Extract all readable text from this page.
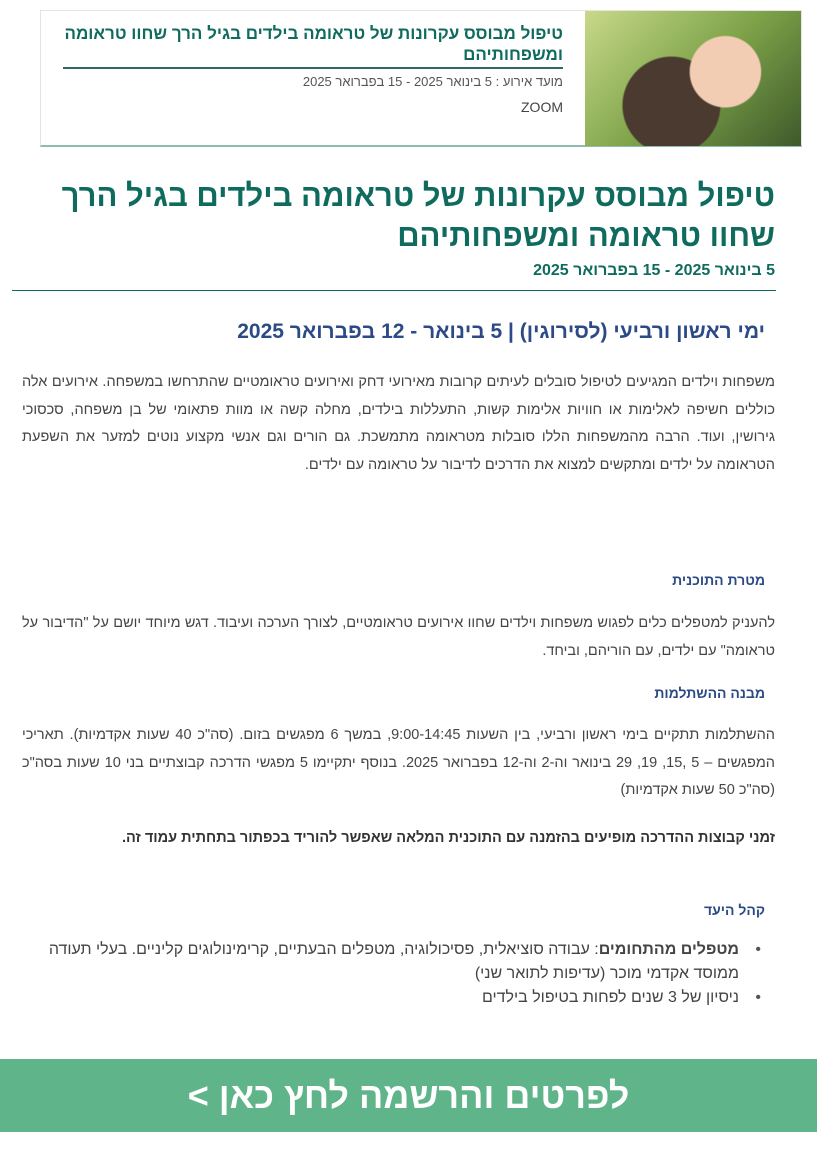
טיפול מבוסס עקרונות של טראומה בילדים בגיל הרך שחוו טראומה ומשפחותיהם
מועד אירוע : 5 בינואר 2025 - 15 בפברואר 2025
ZOOM
טיפול מבוסס עקרונות של טראומה בילדים בגיל הרך שחוו טראומה ומשפחותיהם
5 בינואר 2025 - 15 בפברואר 2025
ימי ראשון ורביעי (לסירוגין) | 5 בינואר - 12 בפברואר 2025
משפחות וילדים המגיעים לטיפול סובלים לעיתים קרובות מאירועי דחק ואירועים טראומטיים שהתרחשו במשפחה. אירועים אלה כוללים חשיפה לאלימות או חוויות אלימות קשות, התעללות בילדים, מחלה קשה או מוות פתאומי של בן משפחה, סכסוכי גירושין, ועוד. הרבה מהמשפחות הללו סובלות מטראומה מתמשכת. גם הורים וגם אנשי מקצוע נוטים למזער את השפעת הטראומה על ילדים ומתקשים למצוא את הדרכים לדיבור על טראומה עם ילדים.
מטרת התוכנית
להעניק למטפלים כלים לפגוש משפחות וילדים שחוו אירועים טראומטיים, לצורך הערכה ועיבוד. דגש מיוחד יושם על "הדיבור על טראומה" עם ילדים, עם הוריהם, וביחד.
מבנה ההשתלמות
ההשתלמות תתקיים בימי ראשון ורביעי, בין השעות 9:00-14:45, במשך 6 מפגשים בזום. (סה"כ 40 שעות אקדמיות). תאריכי המפגשים – 5 ,15, 19, 29 בינואר וה-2 וה-12 בפברואר 2025. בנוסף יתקיימו 5 מפגשי הדרכה קבוצתיים בני 10 שעות בסה"כ (סה"כ 50 שעות אקדמיות)
זמני קבוצות ההדרכה מופיעים בהזמנה עם התוכנית המלאה שאפשר להוריד בכפתור בתחתית עמוד זה.
קהל היעד
• מטפלים מהתחומים: עבודה סוציאלית, פסיכולוגיה, מטפלים הבעתיים, קרימינולוגים קליניים. בעלי תעודה ממוסד אקדמי מוכר (עדיפות לתואר שני)
• ניסיון של 3 שנים לפחות בטיפול בילדים
לפרטים והרשמה לחץ כאן >
